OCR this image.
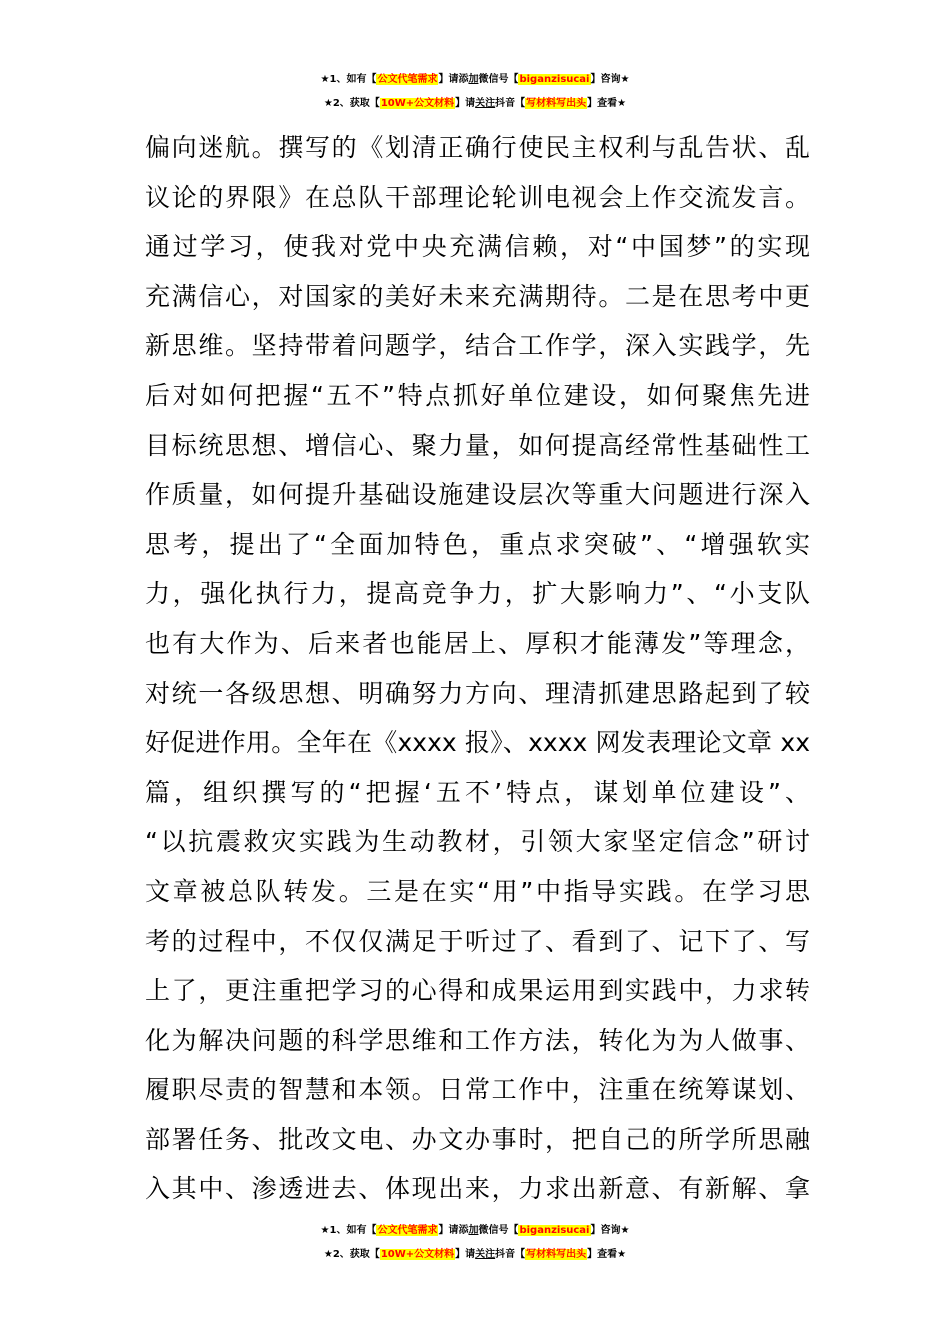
★1、如有【公文代笔需求】请添加微信号【biganzisucai】咨询★
★2、获取【10W+公文材料】请关注抖音【写材料写出头】查看★
偏向迷航。撰写的《划清正确行使民主权利与乱告状、乱
议论的界限》在总队干部理论轮训电视会上作交流发言。
通过学习，使我对党中央充满信赖，对“中国梦”的实现
充满信心，对国家的美好未来充满期待。二是在思考中更
新思维。坚持带着问题学，结合工作学，深入实践学，先
后对如何把握“五不”特点抓好单位建设，如何聚焦先进
目标统思想、增信心、聚力量，如何提高经常性基础性工
作质量，如何提升基础设施建设层次等重大问题进行深入
思考，提出了“全面加特色，重点求突破”、“增强软实
力，强化执行力，提高竞争力，扩大影响力”、“小支队
也有大作为、后来者也能居上、厚积才能薄发”等理念，
对统一各级思想、明确努力方向、理清抓建思路起到了较
好促进作用。全年在《xxxx 报》、xxxx 网发表理论文章 xx
篇，组织撰写的“把握‘五不’特点，谋划单位建设”、
“以抗震救灾实践为生动教材，引领大家坚定信念”研讨
文章被总队转发。三是在实“用”中指导实践。在学习思
考的过程中，不仅仅满足于听过了、看到了、记下了、写
上了，更注重把学习的心得和成果运用到实践中，力求转
化为解决问题的科学思维和工作方法，转化为为人做事、
履职尽责的智慧和本领。日常工作中，注重在统筹谋划、
部署任务、批改文电、办文办事时，把自己的所学所思融
入其中、渗透进去、体现出来，力求出新意、有新解、拿
★1、如有【公文代笔需求】请添加微信号【biganzisucai】咨询★
★2、获取【10W+公文材料】请关注抖音【写材料写出头】查看★
